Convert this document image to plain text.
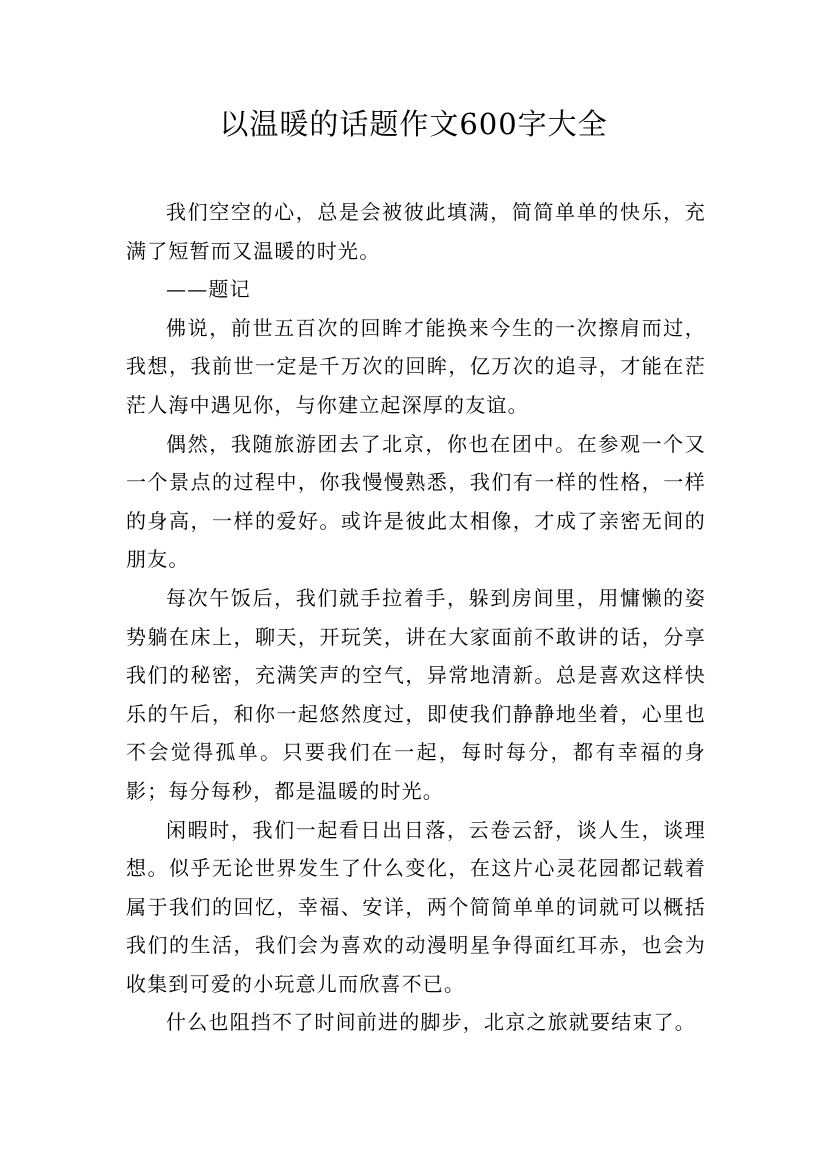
以温暖的话题作文600字大全

我们空空的心，总是会被彼此填满，简简单单的快乐，充满了短暂而又温暖的时光。

——题记

佛说，前世五百次的回眸才能换来今生的一次擦肩而过，我想，我前世一定是千万次的回眸，亿万次的追寻，才能在茫茫人海中遇见你，与你建立起深厚的友谊。

偶然，我随旅游团去了北京，你也在团中。在参观一个又一个景点的过程中，你我慢慢熟悉，我们有一样的性格，一样的身高，一样的爱好。或许是彼此太相像，才成了亲密无间的朋友。

每次午饭后，我们就手拉着手，躲到房间里，用慵懒的姿势躺在床上，聊天，开玩笑，讲在大家面前不敢讲的话，分享我们的秘密，充满笑声的空气，异常地清新。总是喜欢这样快乐的午后，和你一起悠然度过，即使我们静静地坐着，心里也不会觉得孤单。只要我们在一起，每时每分，都有幸福的身影；每分每秒，都是温暖的时光。

闲暇时，我们一起看日出日落，云卷云舒，谈人生，谈理想。似乎无论世界发生了什么变化，在这片心灵花园都记载着属于我们的回忆，幸福、安详，两个简简单单的词就可以概括我们的生活，我们会为喜欢的动漫明星争得面红耳赤，也会为收集到可爱的小玩意儿而欣喜不已。

什么也阻挡不了时间前进的脚步，北京之旅就要结束了。
